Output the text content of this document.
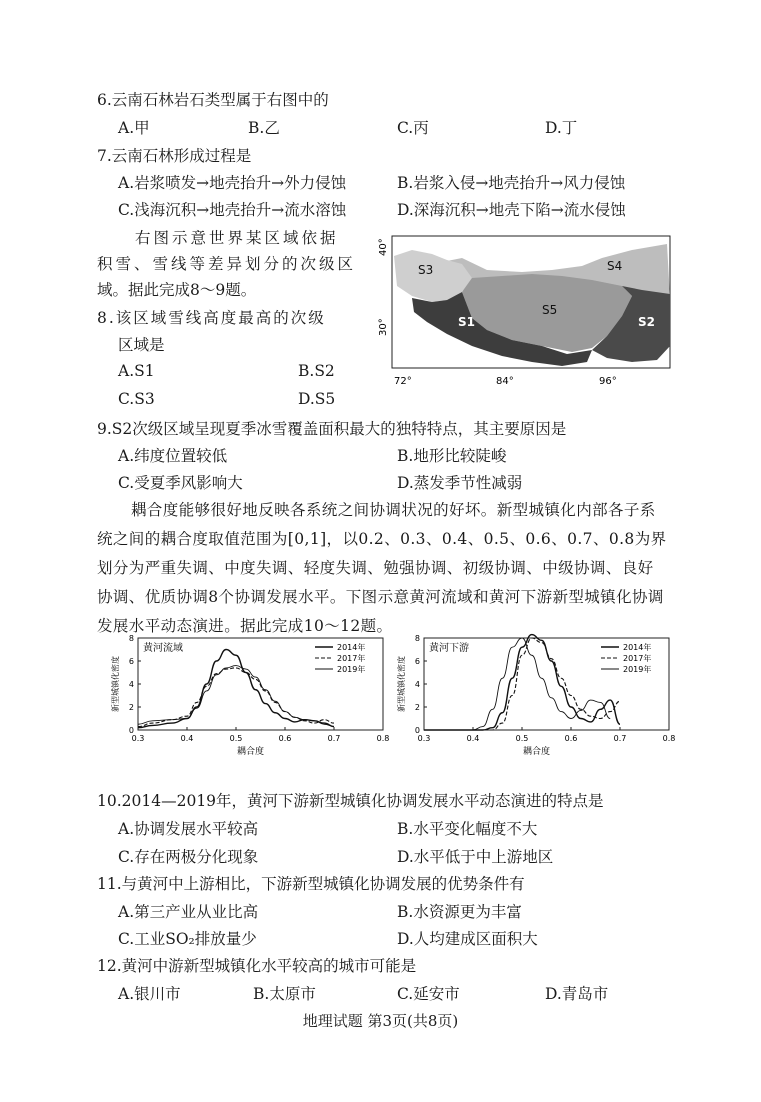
6.云南石林岩石类型属于右图中的
A.甲	B.乙	C.丙	D.丁
7.云南石林形成过程是
A.岩浆喷发→地壳抬升→外力侵蚀	B.岩浆入侵→地壳抬升→风力侵蚀
C.浅海沉积→地壳抬升→流水溶蚀	D.深海沉积→地壳下陷→流水侵蚀
右图示意世界某区域依据
积雪、雪线等差异划分的次级区
域。据此完成8～9题。
8.该区域雪线高度最高的次级
区域是
A.S1	B.S2
C.S3	D.S5
40°
30°
S3	S4
S5
S1	S2
72°	84°	96°
9.S2次级区域呈现夏季冰雪覆盖面积最大的独特特点，其主要原因是
A.纬度位置较低	B.地形比较陡峻
C.受夏季风影响大	D.蒸发季节性减弱
耦合度能够很好地反映各系统之间协调状况的好坏。新型城镇化内部各子系统之间的耦合度取值范围为[0,1]，以0.2、0.3、0.4、0.5、0.6、0.7、0.8为界划分为严重失调、中度失调、轻度失调、勉强协调、初级协调、中级协调、良好协调、优质协调8个协调发展水平。下图示意黄河流域和黄河下游新型城镇化协调发展水平动态演进。据此完成10～12题。
黄河流域
0.3	0.4	0.5	0.6	0.7	0.8
0
2
4
6
8
耦合度
新型城镇化密度
2014年
2017年
2019年
黄河下游
0.3	0.4	0.5	0.6	0.7	0.8
0
2
4
6
8
耦合度
新型城镇化密度
2014年
2017年
2019年
10.2014—2019年，黄河下游新型城镇化协调发展水平动态演进的特点是
A.协调发展水平较高	B.水平变化幅度不大
C.存在两极分化现象	D.水平低于中上游地区
11.与黄河中上游相比，下游新型城镇化协调发展的优势条件有
A.第三产业从业比高	B.水资源更为丰富
C.工业SO₂排放量少	D.人均建成区面积大
12.黄河中游新型城镇化水平较高的城市可能是
A.银川市	B.太原市	C.延安市	D.青岛市
地理试题 第3页(共8页)
